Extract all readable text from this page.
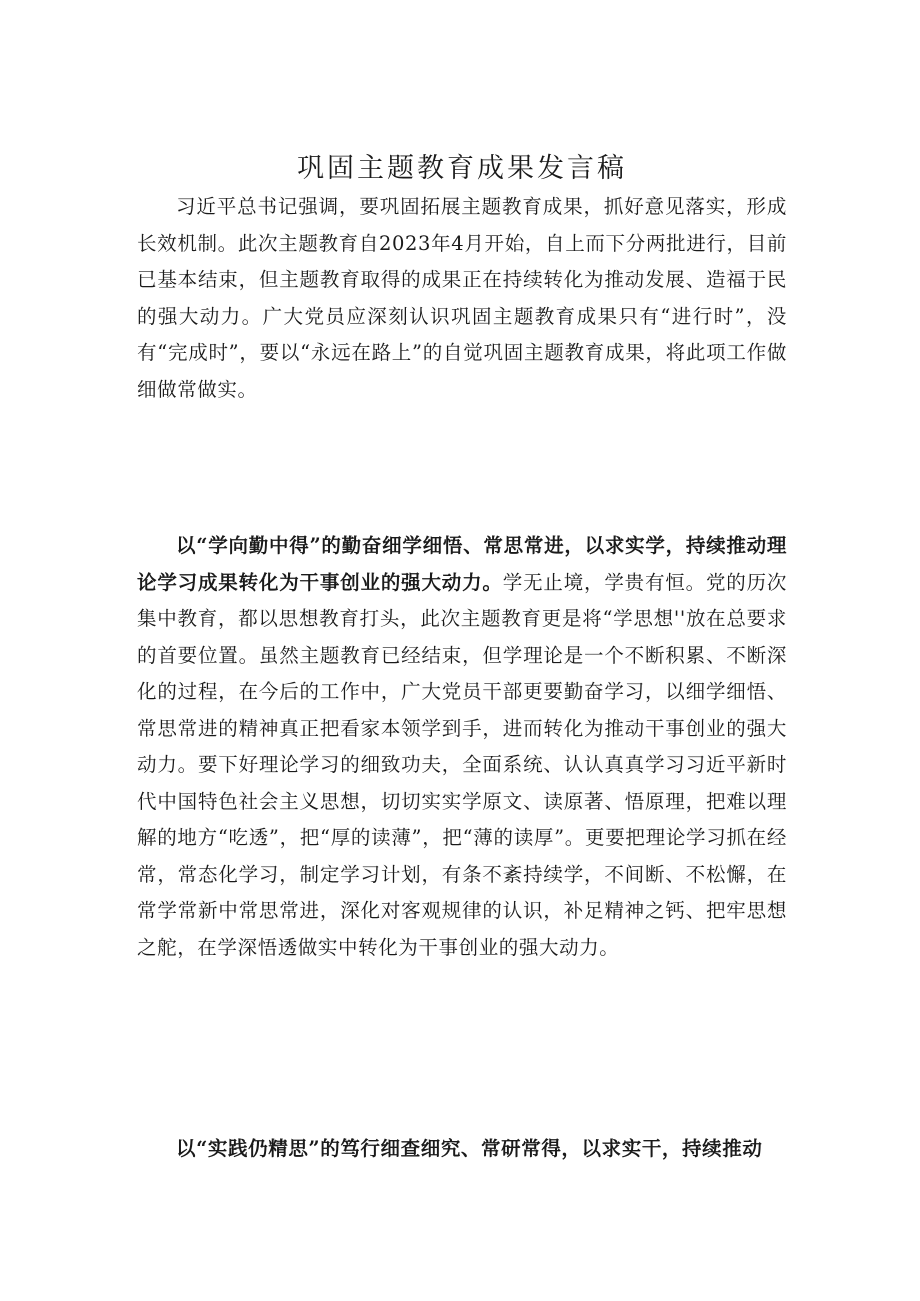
巩固主题教育成果发言稿

习近平总书记强调，要巩固拓展主题教育成果，抓好意见落实，形成长效机制。此次主题教育自2023年4月开始，自上而下分两批进行，目前已基本结束，但主题教育取得的成果正在持续转化为推动发展、造福于民的强大动力。广大党员应深刻认识巩固主题教育成果只有“进行时”，没有“完成时”，要以“永远在路上”的自觉巩固主题教育成果，将此项工作做细做常做实。

以“学向勤中得”的勤奋细学细悟、常思常进，以求实学，持续推动理论学习成果转化为干事创业的强大动力。学无止境，学贵有恒。党的历次集中教育，都以思想教育打头，此次主题教育更是将“学思想''放在总要求的首要位置。虽然主题教育已经结束，但学理论是一个不断积累、不断深化的过程，在今后的工作中，广大党员干部更要勤奋学习，以细学细悟、常思常进的精神真正把看家本领学到手，进而转化为推动干事创业的强大动力。要下好理论学习的细致功夫，全面系统、认认真真学习习近平新时代中国特色社会主义思想，切切实实学原文、读原著、悟原理，把难以理解的地方“吃透”，把“厚的读薄”，把“薄的读厚”。更要把理论学习抓在经常，常态化学习，制定学习计划，有条不紊持续学，不间断、不松懈，在常学常新中常思常进，深化对客观规律的认识，补足精神之钙、把牢思想之舵，在学深悟透做实中转化为干事创业的强大动力。

以“实践仍精思”的笃行细查细究、常研常得，以求实干，持续推动
